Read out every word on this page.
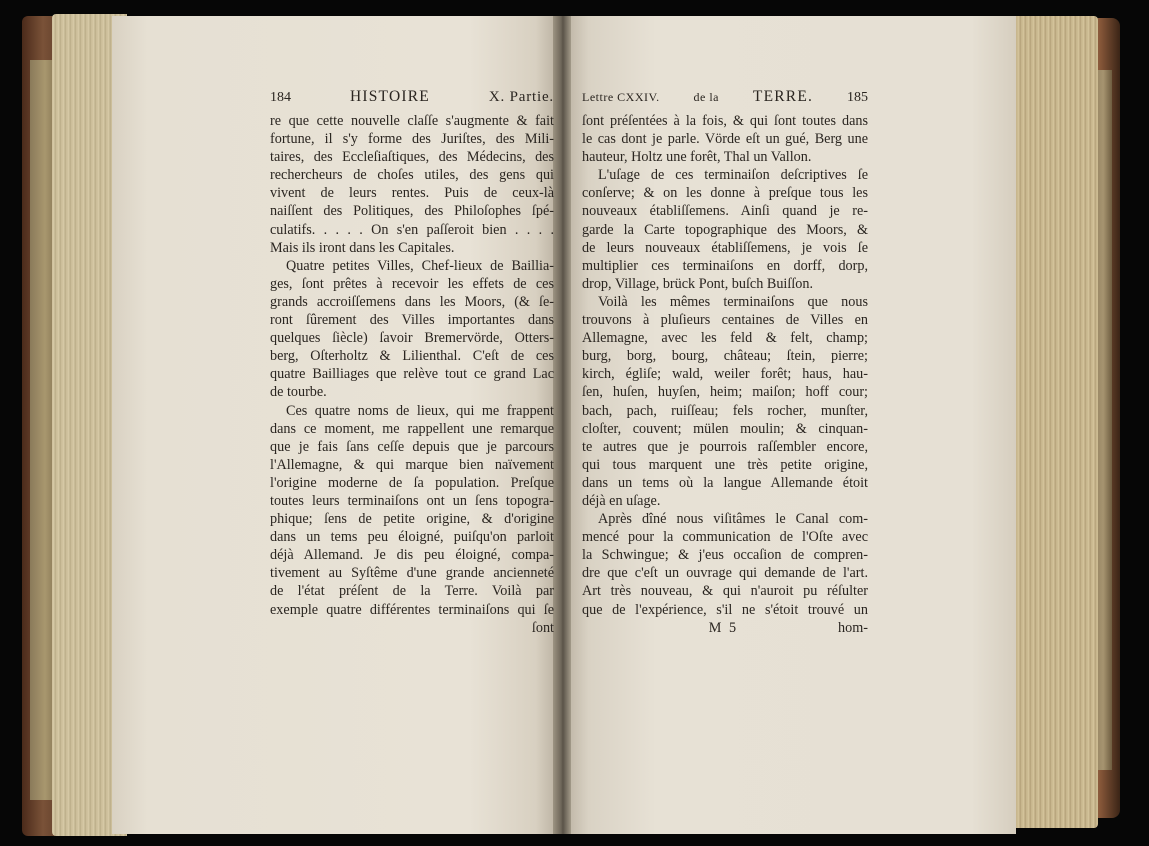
184	HISTOIRE	X. Partie.
re que cette nouvelle claſſe s'augmente & fait
fortune, il s'y forme des Juriſtes, des Mili-
taires, des Eccleſiaſtiques, des Médecins, des
rechercheurs de choſes utiles, des gens qui
vivent de leurs rentes. Puis de ceux-là
naiſſent des Politiques, des Philoſophes ſpé-
culatifs. . . . . On s'en paſſeroit bien . . . .
Mais ils iront dans les Capitales.
Quatre petites Villes, Chef-lieux de Bailliа-
ges, ſont prêtes à recevoir les effets de ces
grands accroiſſemens dans les Moors, (& ſe-
ront ſûrement des Villes importantes dans
quelques ſiècle) ſavoir Bremervörde, Otters-
berg, Oſterholtz & Lilienthal. C'eſt de ces
quatre Bailliages que relève tout ce grand Lac
de tourbe.
Ces quatre noms de lieux, qui me frappent
dans ce moment, me rappellent une remarque
que je fais ſans ceſſe depuis que je parcours
l'Allemagne, & qui marque bien naïvement
l'origine moderne de ſa population. Preſque
toutes leurs terminaiſons ont un ſens topogra-
phique; ſens de petite origine, & d'origine
dans un tems peu éloigné, puiſqu'on parloit
déjà Allemand. Je dis peu éloigné, compa-
tivement au Syſtême d'une grande ancienneté
de l'état préſent de la Terre. Voilà par
exemple quatre différentes terminaiſons qui ſe
ſont
Lettre CXXIV.	de la TERRE. 185
ſont préſentées à la fois, & qui ſont toutes dans
le cas dont je parle. Vörde eſt un gué, Berg une
hauteur, Holtz une forêt, Thal un Vallon.
L'uſage de ces terminaiſon deſcriptives ſe
conſerve; & on les donne à preſque tous les
nouveaux établiſſemens. Ainſi quand je re-
garde la Carte topographique des Moors, &
de leurs nouveaux établiſſemens, je vois ſe
multiplier ces terminaiſons en dorff, dorp,
drop, Village, brück Pont, buſch Buiſſon.
Voilà les mêmes terminaiſons que nous
trouvons à pluſieurs centaines de Villes en
Allemagne, avec les feld & felt, champ;
burg, borg, bourg, château; ſtein, pierre;
kirch, égliſe; wald, weiler forêt; haus, hau-
ſen, huſen, huyſen, heim; maiſon; hoff cour;
bach, pach, ruiſſeau; fels rocher, munſter,
cloſter, couvent; mülen moulin; & cinquan-
te autres que je pourrois raſſembler encore,
qui tous marquent une très petite origine,
dans un tems où la langue Allemande étoit
déjà en uſage.
Après dîné nous viſitâmes le Canal com-
mencé pour la communication de l'Oſte avec
la Schwingue; & j'eus occaſion de compren-
dre que c'eſt un ouvrage qui demande de l'art.
Art très nouveau, & qui n'auroit pu réſulter
que de l'expérience, s'il ne s'étoit trouvé un
M 5	hom-
